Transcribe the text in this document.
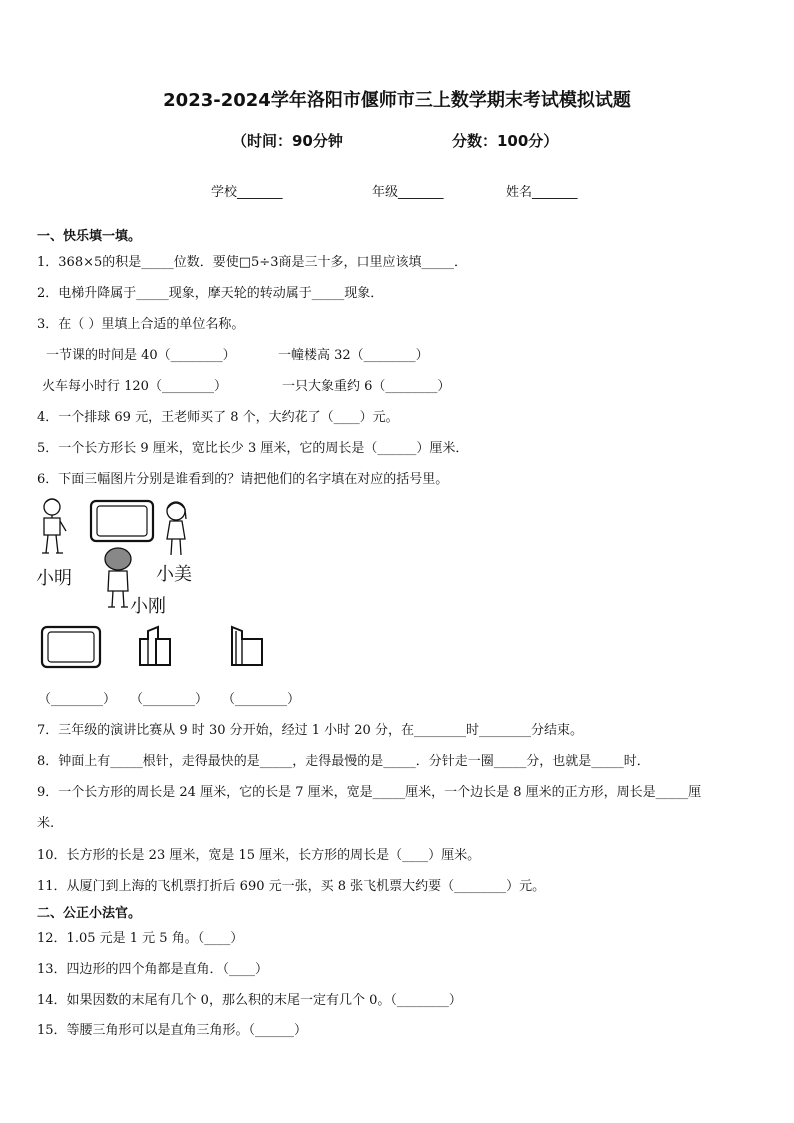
2023-2024学年洛阳市偃师市三上数学期末考试模拟试题
（时间：90分钟	分数：100分）
学校_______	年级_______	姓名_______
一、快乐填一填。
1．368×5的积是_____位数．要使□5÷3商是三十多，口里应该填_____．
2．电梯升降属于_____现象，摩天轮的转动属于_____现象．
3．在（ ）里填上合适的单位名称。
一节课的时间是 40（________）	一幢楼高 32（________）
火车每小时行 120（________）	一只大象重约 6（________）
4．一个排球 69 元，王老师买了 8 个，大约花了（____）元。
5．一个长方形长 9 厘米，宽比长少 3 厘米，它的周长是（______）厘米．
6．下面三幅图片分别是谁看到的？请把他们的名字填在对应的括号里。
小明	小美
小刚
（________） （________） （________）
7．三年级的演讲比赛从 9 时 30 分开始，经过 1 小时 20 分，在________时________分结束。
8．钟面上有_____根针，走得最快的是_____，走得最慢的是_____．分针走一圈_____分，也就是_____时．
9．一个长方形的周长是 24 厘米，它的长是 7 厘米，宽是_____厘米，一个边长是 8 厘米的正方形，周长是_____厘
米.
10．长方形的长是 23 厘米，宽是 15 厘米，长方形的周长是（____）厘米。
11．从厦门到上海的飞机票打折后 690 元一张，买 8 张飞机票大约要（________）元。
二、公正小法官。
12．1.05 元是 1 元 5 角。（____）
13．四边形的四个角都是直角．（____）
14．如果因数的末尾有几个 0，那么积的末尾一定有几个 0。（________）
15．等腰三角形可以是直角三角形。（______）
